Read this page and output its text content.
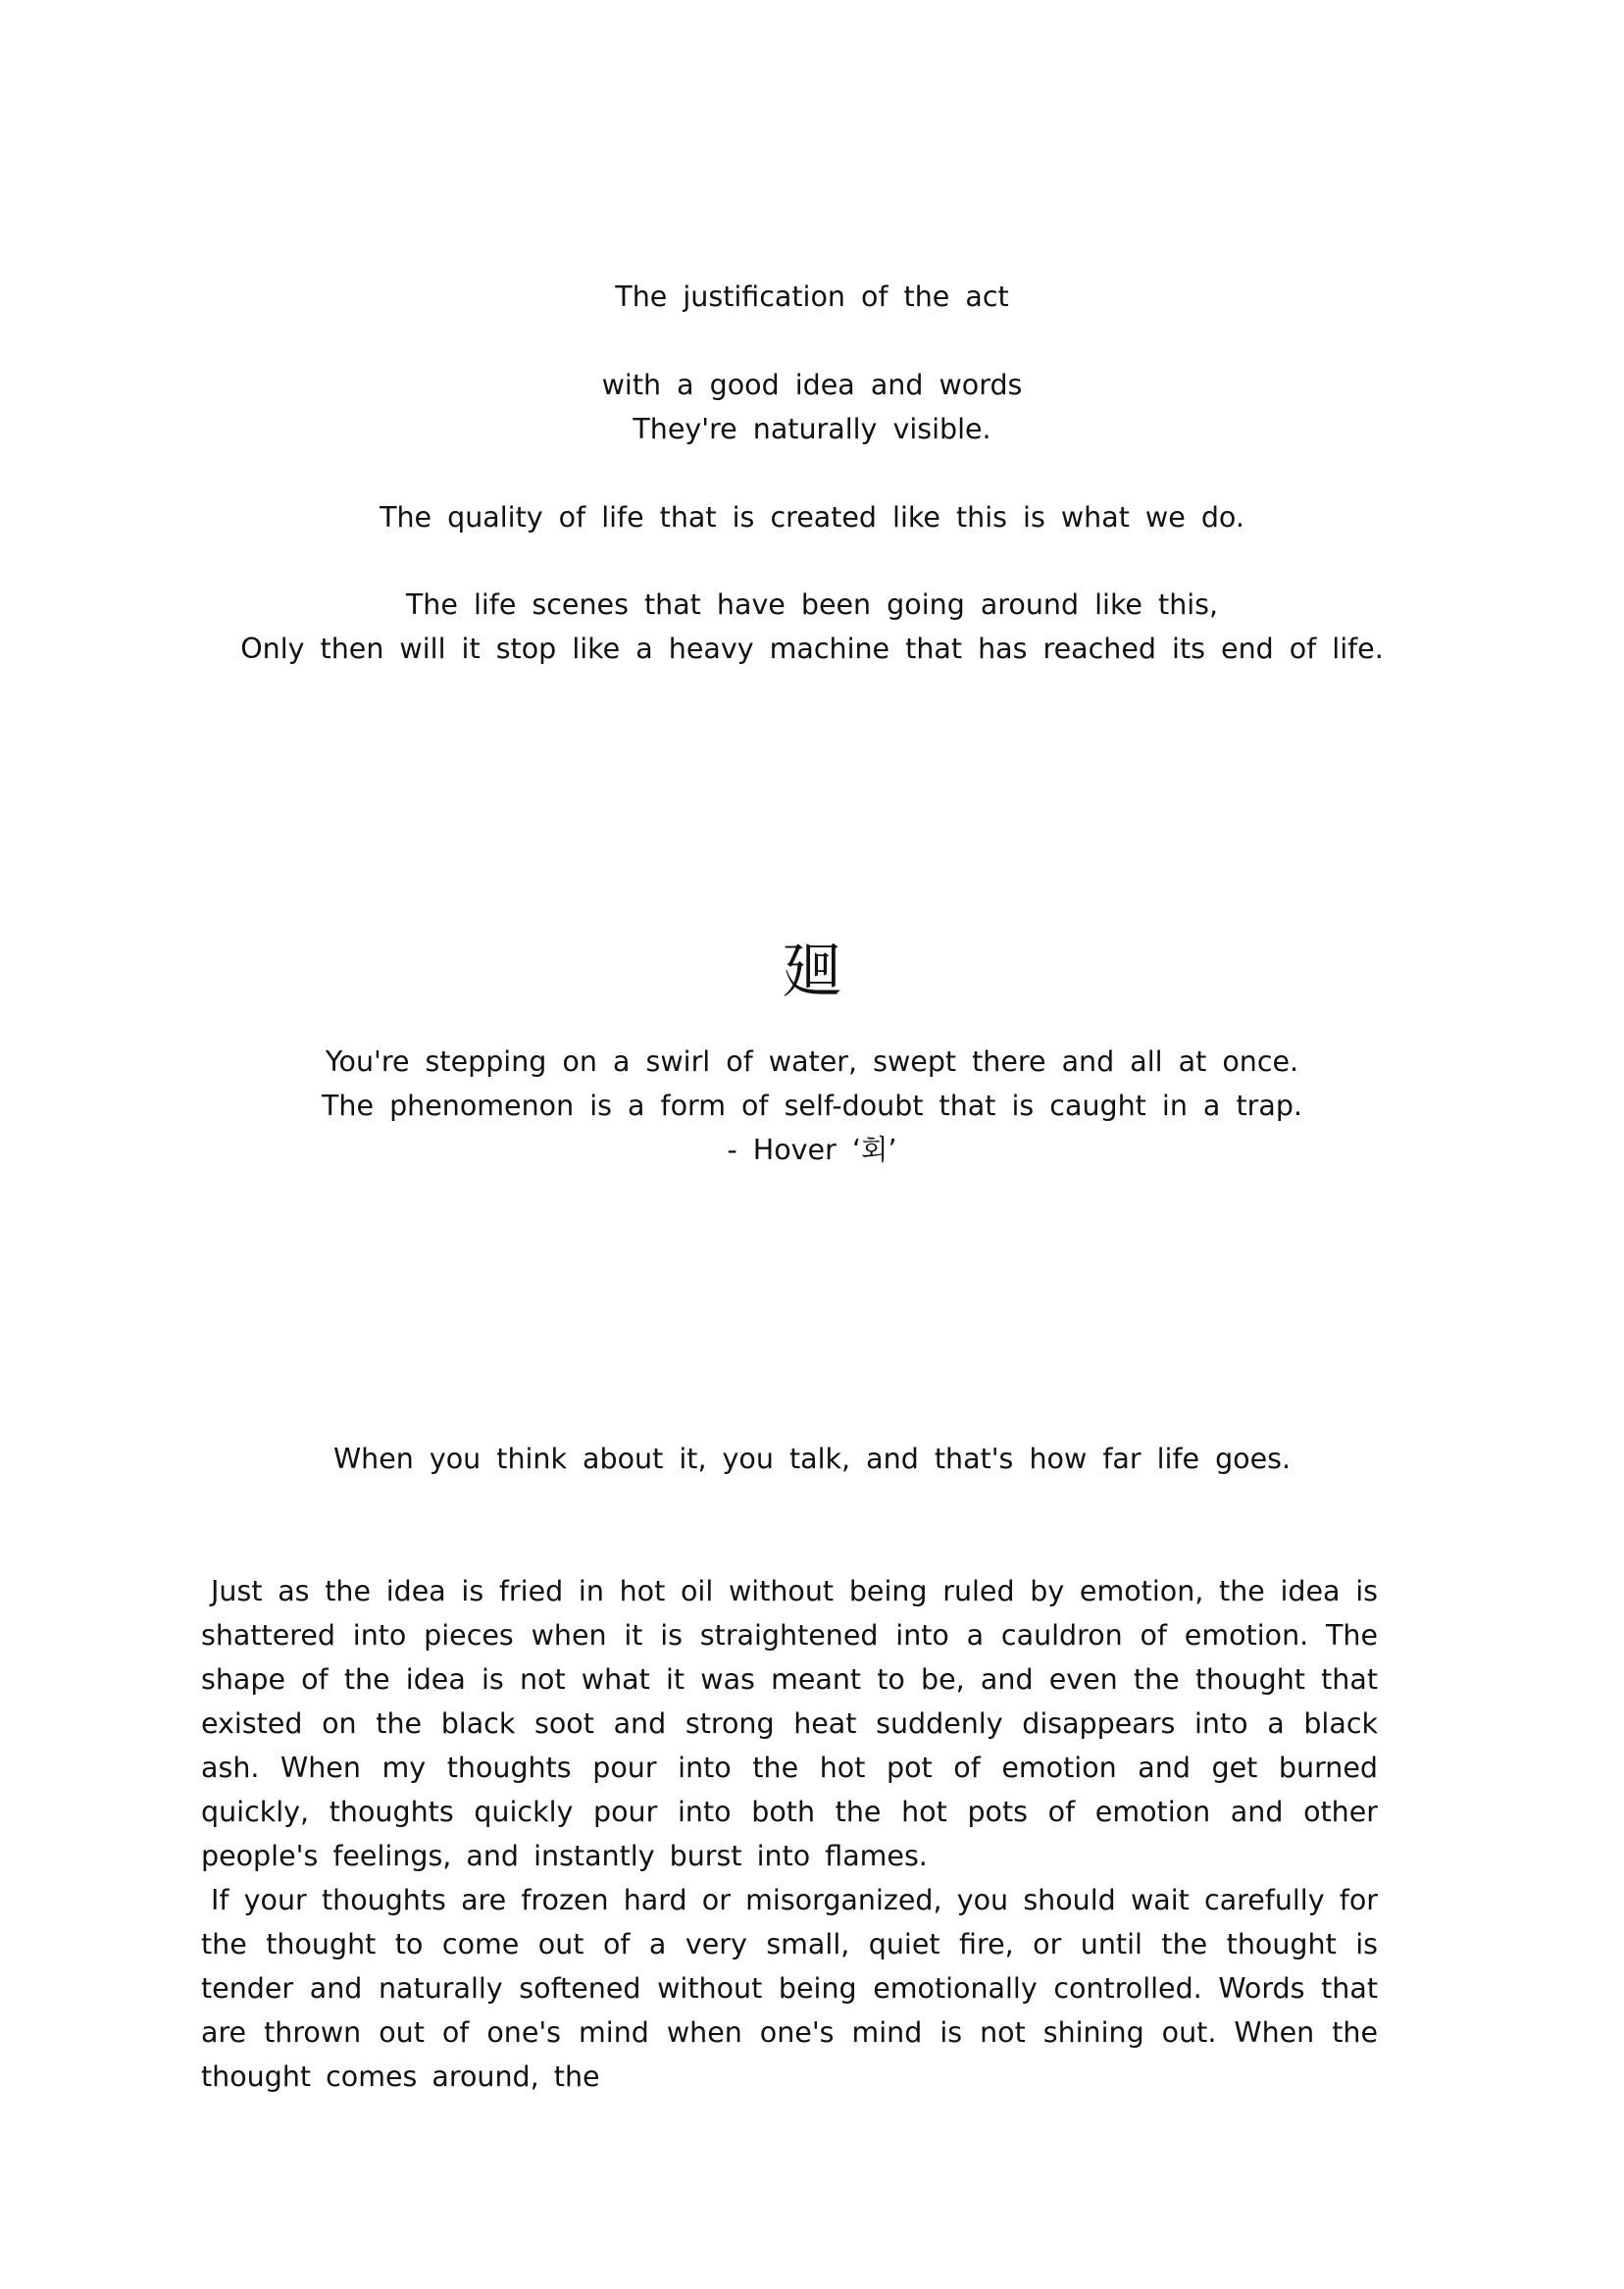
The justification of the act
with a good idea and words
They're naturally visible.
The quality of life that is created like this is what we do.
The life scenes that have been going around like this,
Only then will it stop like a heavy machine that has reached its end of life.
廻
You're stepping on a swirl of water, swept there and all at once.
The phenomenon is a form of self-doubt that is caught in a trap.
- Hover ‘회’
When you think about it, you talk, and that's how far life goes.

Just as the idea is fried in hot oil without being ruled by emotion, the idea is shattered into pieces when it is straightened into a cauldron of emotion. The shape of the idea is not what it was meant to be, and even the thought that existed on the black soot and strong heat suddenly disappears into a black ash. When my thoughts pour into the hot pot of emotion and get burned quickly, thoughts quickly pour into both the hot pots of emotion and other people's feelings, and instantly burst into flames.

If your thoughts are frozen hard or misorganized, you should wait carefully for the thought to come out of a very small, quiet fire, or until the thought is tender and naturally softened without being emotionally controlled. Words that are thrown out of one's mind when one's mind is not shining out. When the thought comes around, the
